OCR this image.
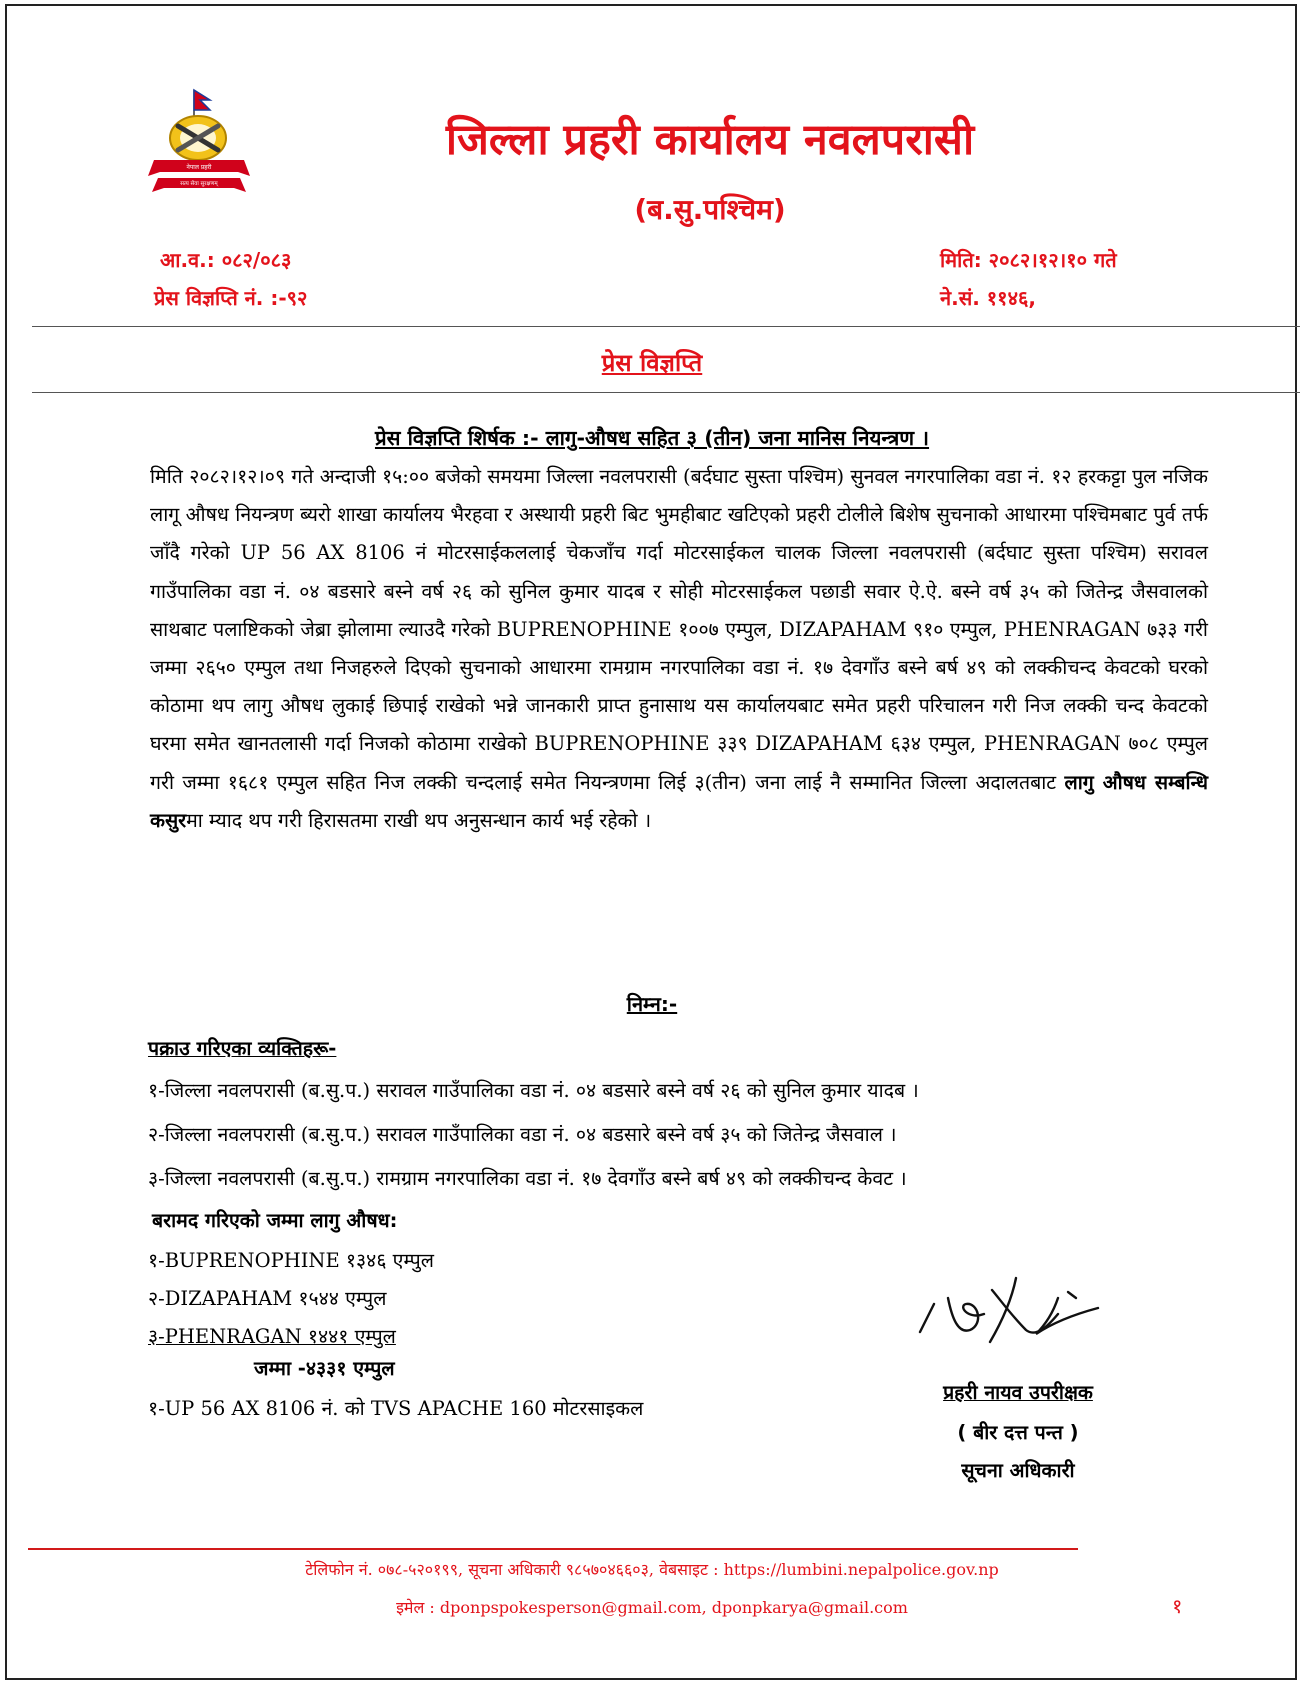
नेपाल प्रहरी
सत्य सेवा सुरक्षणम्
जिल्ला प्रहरी कार्यालय नवलपरासी
(ब.सु.पश्चिम)
आ.व.: ०८२/०८३
प्रेस विज्ञप्ति नं. :-९२
मिति: २०८२।१२।१० गते
ने.सं. ११४६,
प्रेस विज्ञप्ति
प्रेस विज्ञप्ति शिर्षक :- लागु-औषध सहित ३ (तीन) जना मानिस नियन्त्रण ।
मिति २०८२।१२।०९ गते अन्दाजी १५:०० बजेको समयमा जिल्ला नवलपरासी (बर्दघाट सुस्ता पश्चिम) सुनवल नगरपालिका वडा नं. १२ हरकट्टा पुल नजिक लागू औषध नियन्त्रण ब्यरो शाखा कार्यालय भैरहवा र अस्थायी प्रहरी बिट भुमहीबाट खटिएको प्रहरी टोलीले बिशेष सुचनाको आधारमा पश्चिमबाट पुर्व तर्फ जाँदै गरेको UP 56 AX 8106 नं मोटरसाईकललाई चेकजाँच गर्दा मोटरसाईकल चालक जिल्ला नवलपरासी (बर्दघाट सुस्ता पश्चिम) सरावल गाउँपालिका वडा नं. ०४ बडसारे बस्ने वर्ष २६ को सुनिल कुमार यादब र सोही मोटरसाईकल पछाडी सवार ऐ.ऐ. बस्ने वर्ष ३५ को जितेन्द्र जैसवालको साथबाट पलाष्टिकको जेब्रा झोलामा ल्याउदै गरेको BUPRENOPHINE १००७ एम्पुल, DIZAPAHAM ९१० एम्पुल, PHENRAGAN ७३३ गरी जम्मा २६५० एम्पुल तथा निजहरुले दिएको सुचनाको आधारमा रामग्राम नगरपालिका वडा नं. १७ देवगाँउ बस्ने बर्ष ४९ को लक्कीचन्द केवटको घरको कोठामा थप लागु औषध लुकाई छिपाई राखेको भन्ने जानकारी प्राप्त हुनासाथ यस कार्यालयबाट समेत प्रहरी परिचालन गरी निज लक्की चन्द केवटको घरमा समेत खानतलासी गर्दा निजको कोठामा राखेको BUPRENOPHINE ३३९ DIZAPAHAM ६३४ एम्पुल, PHENRAGAN ७०८ एम्पुल गरी जम्मा १६८१ एम्पुल सहित निज लक्की चन्दलाई समेत नियन्त्रणमा लिई ३(तीन) जना लाई नै सम्मानित जिल्ला अदालतबाट लागु औषध सम्बन्धि कसुरमा म्याद थप गरी हिरासतमा राखी थप अनुसन्धान कार्य भई रहेको ।
निम्न:-
पक्राउ गरिएका व्यक्तिहरू-
१-जिल्ला नवलपरासी (ब.सु.प.) सरावल गाउँपालिका वडा नं. ०४ बडसारे बस्ने वर्ष २६ को सुनिल कुमार यादब ।
२-जिल्ला नवलपरासी (ब.सु.प.) सरावल गाउँपालिका वडा नं. ०४ बडसारे बस्ने वर्ष ३५ को जितेन्द्र जैसवाल ।
३-जिल्ला नवलपरासी (ब.सु.प.) रामग्राम नगरपालिका वडा नं. १७ देवगाँउ बस्ने बर्ष ४९ को लक्कीचन्द केवट ।
बरामद गरिएको जम्मा लागु औषध:
१-BUPRENOPHINE १३४६ एम्पुल
२-DIZAPAHAM १५४४ एम्पुल
३-PHENRAGAN १४४१ एम्पुल
जम्मा -४३३१ एम्पुल
१-UP 56 AX 8106 नं. को TVS APACHE 160 मोटरसाइकल
प्रहरी नायव उपरीक्षक
( बीर दत्त पन्त )
सूचना अधिकारी
टेलिफोन नं. ०७८-५२०१९९, सूचना अधिकारी ९८५७०४६६०३, वेबसाइट : https://lumbini.nepalpolice.gov.np
इमेल : dponpspokesperson@gmail.com, dponpkarya@gmail.com	१
